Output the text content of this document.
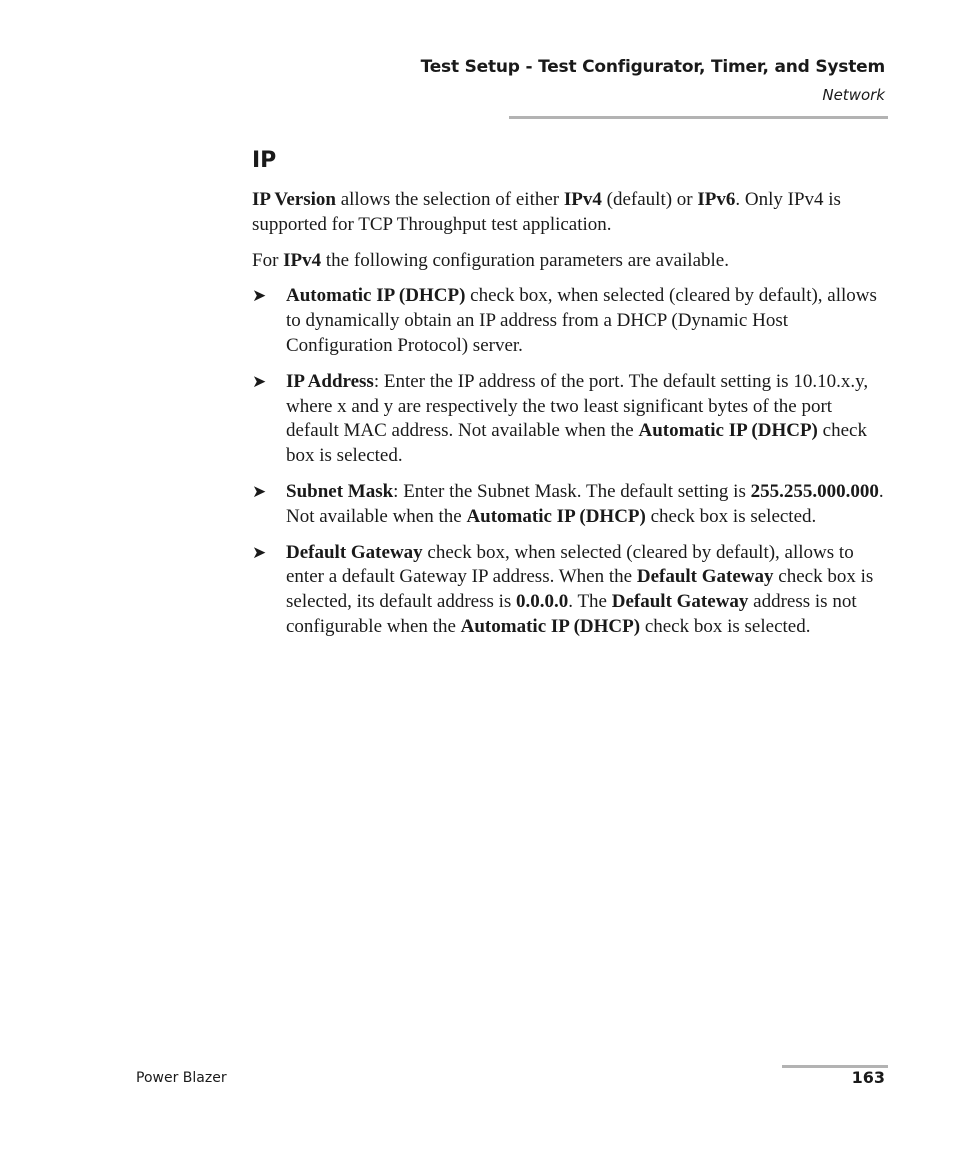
Test Setup - Test Configurator, Timer, and System
Network
IP

IP Version allows the selection of either IPv4 (default) or IPv6. Only IPv4 is supported for TCP Throughput test application.

For IPv4 the following configuration parameters are available.

➤ Automatic IP (DHCP) check box, when selected (cleared by default), allows to dynamically obtain an IP address from a DHCP (Dynamic Host Configuration Protocol) server.
➤ IP Address: Enter the IP address of the port. The default setting is 10.10.x.y, where x and y are respectively the two least significant bytes of the port default MAC address. Not available when the Automatic IP (DHCP) check box is selected.
➤ Subnet Mask: Enter the Subnet Mask. The default setting is 255.255.000.000. Not available when the Automatic IP (DHCP) check box is selected.
➤ Default Gateway check box, when selected (cleared by default), allows to enter a default Gateway IP address. When the Default Gateway check box is selected, its default address is 0.0.0.0. The Default Gateway address is not configurable when the Automatic IP (DHCP) check box is selected.
Power Blazer	163
